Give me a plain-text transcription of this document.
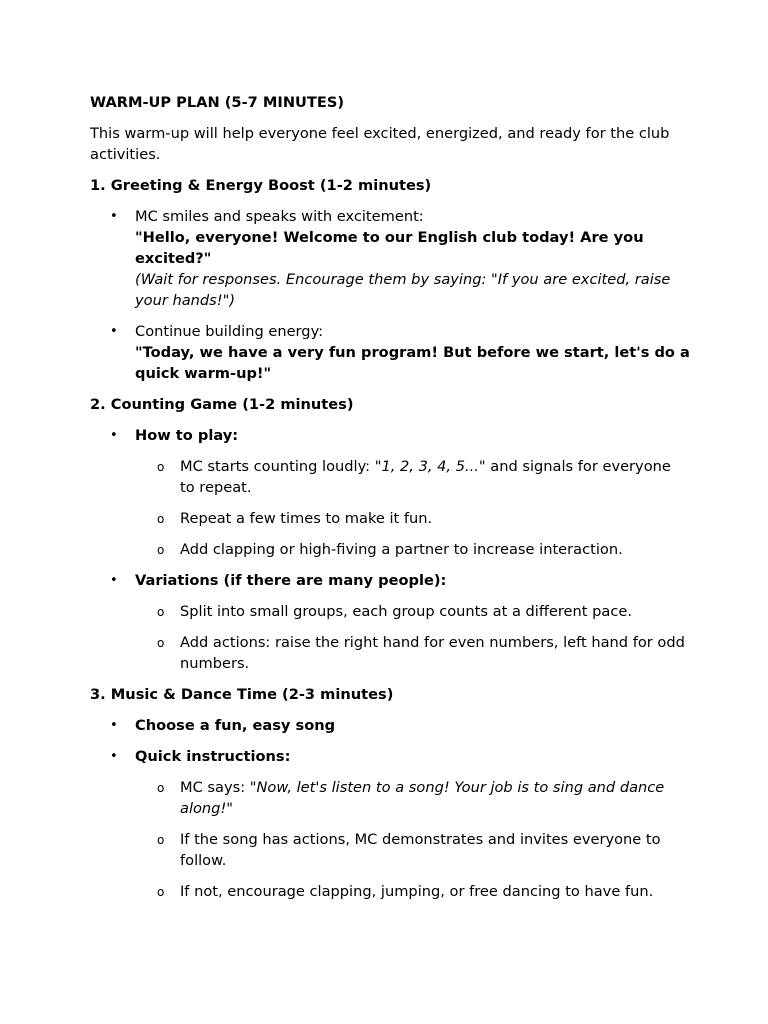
WARM-UP PLAN (5-7 MINUTES)

This warm-up will help everyone feel excited, energized, and ready for the club activities.

1. Greeting & Energy Boost (1-2 minutes)

• MC smiles and speaks with excitement:
"Hello, everyone! Welcome to our English club today! Are you excited?"
(Wait for responses. Encourage them by saying: "If you are excited, raise your hands!")
• Continue building energy:
"Today, we have a very fun program! But before we start, let's do a quick warm-up!"

2. Counting Game (1-2 minutes)

• How to play:
o MC starts counting loudly: "1, 2, 3, 4, 5..." and signals for everyone to repeat.
o Repeat a few times to make it fun.
o Add clapping or high-fiving a partner to increase interaction.
• Variations (if there are many people):
o Split into small groups, each group counts at a different pace.
o Add actions: raise the right hand for even numbers, left hand for odd numbers.

3. Music & Dance Time (2-3 minutes)

• Choose a fun, easy song
• Quick instructions:
o MC says: "Now, let's listen to a song! Your job is to sing and dance along!"
o If the song has actions, MC demonstrates and invites everyone to follow.
o If not, encourage clapping, jumping, or free dancing to have fun.
